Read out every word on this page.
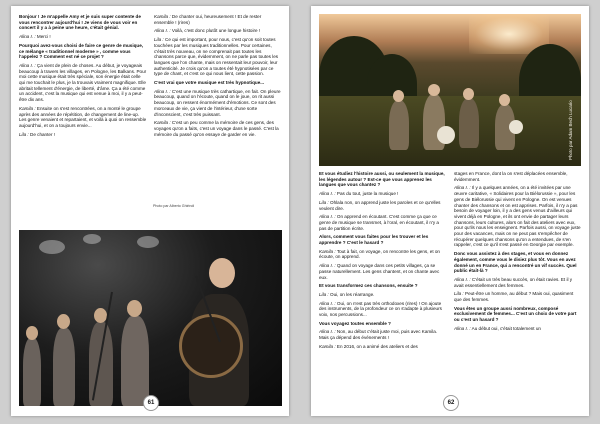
Bonjour ! Je m'appelle Amy et je suis super contente de vous rencontrer aujourd'hui ! Je viens de vous voir en concert il y a à peine une heure, c'était génial.

Alina I. : Merci !

Pourquoi avez-vous choisi de faire ce genre de musique, ce mélange « traditionnel moderne » , comme vous l'appelez ? Comment est né ce projet ?

Alina I. : Ça vient de plein de choses. Au début, je voyageais beaucoup à travers les villages, en Pologne, les Balkans. Pour moi cette musique était très spéciale, son énergie était celle qui me touchait le plus, je la trouvais vraiment magnifique. Elle abritait tellement d'énergie, de liberté, d'âme. Ça a été comme un accident, c'est la musique qui est venue à moi, il y a peut-être dix ans.

Kamila : Ensuite on s'est rencontrées, on a monté le groupe après des années de répétition, de changement de line-up. Les genre venaient et repartaient, et voilà à quoi on ressemble aujourd'hui, et on a toujours envie...

Lila : De chanter !

Kamila : De chanter oui, heureusement ! Et de rester ensemble ! (rires)

Alina I. : Voilà, c'est donc plutôt une longue histoire !

Lila : Ce qui est important, pour nous, c'est qu'on soit toutes touchées par les musiques traditionnelles. Pour certaines, c'était très nouveau, on ne comprenait pas toutes les chansons parce que, évidemment, on ne parle pas toutes les langues que l'on chante, mais on ressentait leur pouvoir, leur authenticité. Je crois qu'on a toutes été hypnotisées par ce type de chant, et c'est ce qui nous lient, cette passion.

C'est vrai que votre musique est très hypnotique...

Alina I. : C'est une musique très cathartique, en fait. On pleure beaucoup, quand on l'écoute, quand on le joue, on rit aussi beaucoup, on ressent énormément d'émotions. Ce sont des morceaux de vie, ça vient de l'intérieur, d'une sorte d'inconscient, c'est très puissant.

Kamila : C'est un peu comme la mémoire de ces gens, des voyages qu'on a faits, c'est un voyage dans le passé. C'est la mémoire du passé qu'on essaye de garder en vie.

Photo par Alberto Ghirindi
61
Photo par Adam Bech Lucario

Et vous étudiez l'histoire aussi, ou seulement la musique, les légendes autour ? Est-ce que vous apprenez les langues que vous chantez ?

Alina I. : Pas du tout, juste la musique !

Lila : Ohlala non, on apprend juste les paroles et ce qu'elles veulent dire.

Alina I. : On apprend en écoutant. C'est comme ça que ce genre de musique se transmet, à l'oral, en écoutant, il n'y a pas de partition écrite.

Alors, comment vous faites pour les trouver et les apprendre ? C'est le hasard ?

Kamila : Tout à fait, on voyage, on rencontre les gens, et on écoute, on apprend.

Alina I. : Quand on voyage dans ces petits villages, ça se passe naturellement. Les gens chantent, et on chante avec eux.

Et vous transformez ces chansons, ensuite ?

Lila : Oui, on les réarrange.

Alina I. : Oui, on n'est pas très orthodoxes (rires) ! On ajoute des instruments, de la profondeur ce on s'adapte à plusieurs voix, nos percussions...

Vous voyagez toutes ensemble ?

Alina I. : Non, au début c'était juste moi, puis avec Kamila. Mais ça dépend des événements !

Kamila : En 2016, on a animé des ateliers et des

stages en France, dont la on s'est déplacées ensemble, évidemment.

Alina I. : Il y a quelques années, on a été invitées par une œuvre caritative, « Solidaires pour la Biélorussie », pour les gens de Biélorussie qui vivent en Pologne. On est venues chanter des chansons et on est apprises. Parfois, il n'y a pas besoin de voyager loin, il y a des gens venus d'ailleurs qui vivent déjà en Pologne, et ils ont envie de partager leurs chansons, leurs cultures, alors on fait des ateliers avec eux, pour qu'ils nous les enseignent. Parfois aussi, on voyage juste pour des vacances, mais on ne peut pas s'empêcher de récupérer quelques chansons qu'on a entendues, de s'en rappeler, c'est ce qu'il s'est passé en Georgie par exemple.

Donc vous assistez à des stages, et vous en donnez également, comme vous le disiez plus tôt. Vous en avez donné un en France, qui a rencontré un vif succès. Quel public était-là ?

Alina I. : C'était un très beau succès, on était ravies. Et il y avait essentiellement des femmes.

Lila : Peut-être un homme, au début ? Mais oui, quasiment que des femmes.

Vous êtes un groupe aussi nombreux, composé exclusivement de femmes... C'est un choix de votre part ou c'est un hasard ?

Alina I. : Au début oui, c'était totalement un

62
